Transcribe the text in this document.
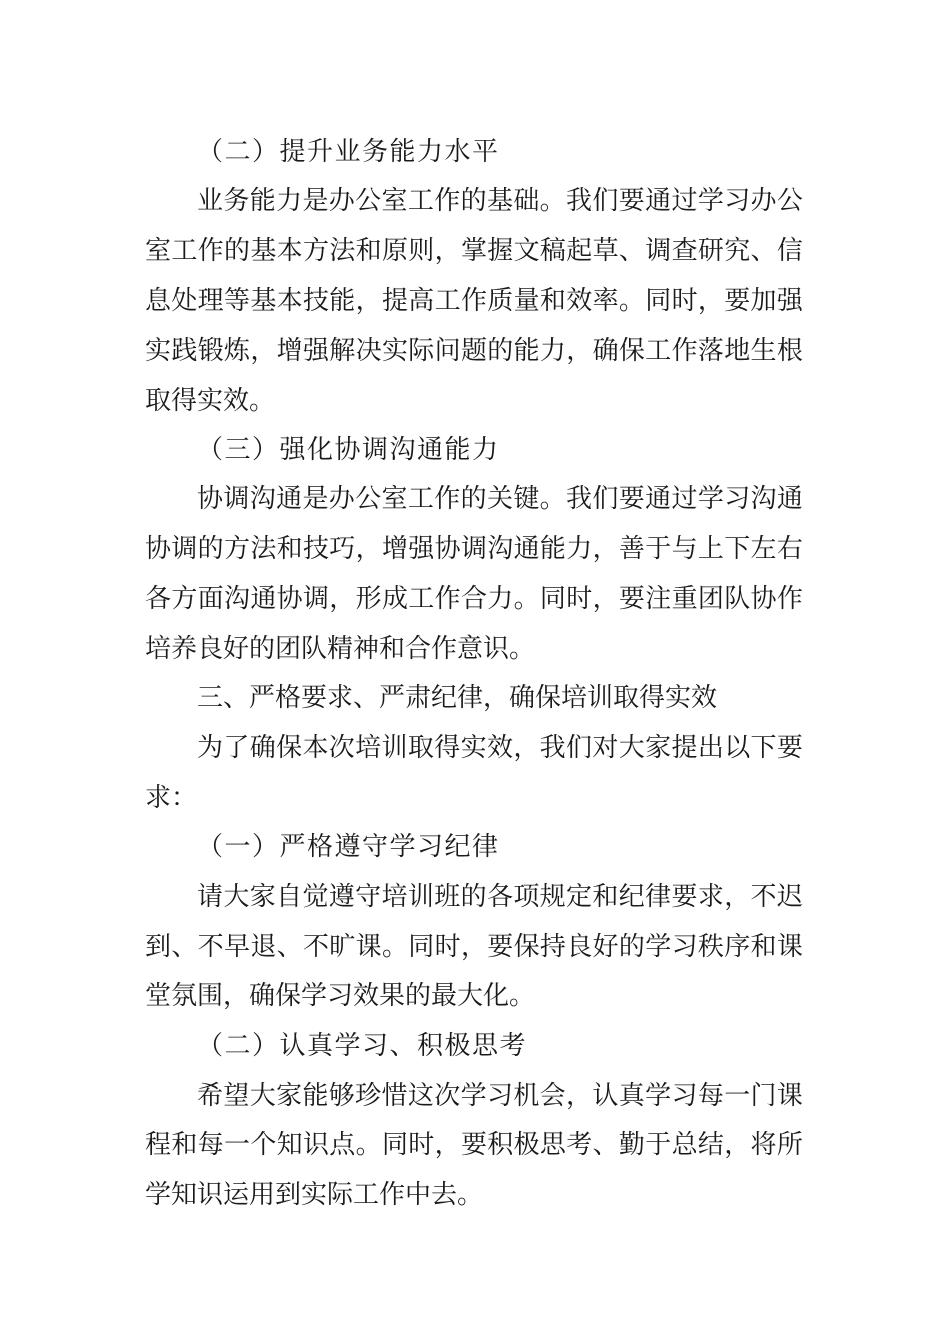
（二）提升业务能力水平
业 务 能 力 是 办 公 室 工 作 的 基 础 。 我 们 要 通 过 学 习 办 公
室 工 作 的 基 本 方 法 和 原 则 ， 掌 握 文 稿 起 草 、 调 查 研 究 、 信
息 处 理 等 基 本 技 能 ， 提 高 工 作 质 量 和 效 率 。 同 时 ， 要 加 强
实 践 锻 炼 ， 增 强 解 决 实 际 问 题 的 能 力 ， 确 保 工 作 落 地 生 根
取得实效。
（三）强化协调沟通能力
协 调 沟 通 是 办 公 室 工 作 的 关 键 。 我 们 要 通 过 学 习 沟 通
协 调 的 方 法 和 技 巧 ， 增 强 协 调 沟 通 能 力 ， 善 于 与 上 下 左 右
各 方 面 沟 通 协 调 ， 形 成 工 作 合 力 。 同 时 ， 要 注 重 团 队 协 作
培养良好的团队精神和合作意识。
三、严格要求、严肃纪律，确保培训取得实效
为 了 确 保 本 次 培 训 取 得 实 效 ， 我 们 对 大 家 提 出 以 下 要
求：
（一）严格遵守学习纪律
请 大 家 自 觉 遵 守 培 训 班 的 各 项 规 定 和 纪 律 要 求 ， 不 迟
到 、 不 早 退 、 不 旷 课 。 同 时 ， 要 保 持 良 好 的 学 习 秩 序 和 课
堂氛围，确保学习效果的最大化。
（二）认真学习、积极思考
希 望 大 家 能 够 珍 惜 这 次 学 习 机 会 ， 认 真 学 习 每 一 门 课
程 和 每 一 个 知 识 点 。 同 时 ， 要 积 极 思 考 、 勤 于 总 结 ， 将 所
学知识运用到实际工作中去。
